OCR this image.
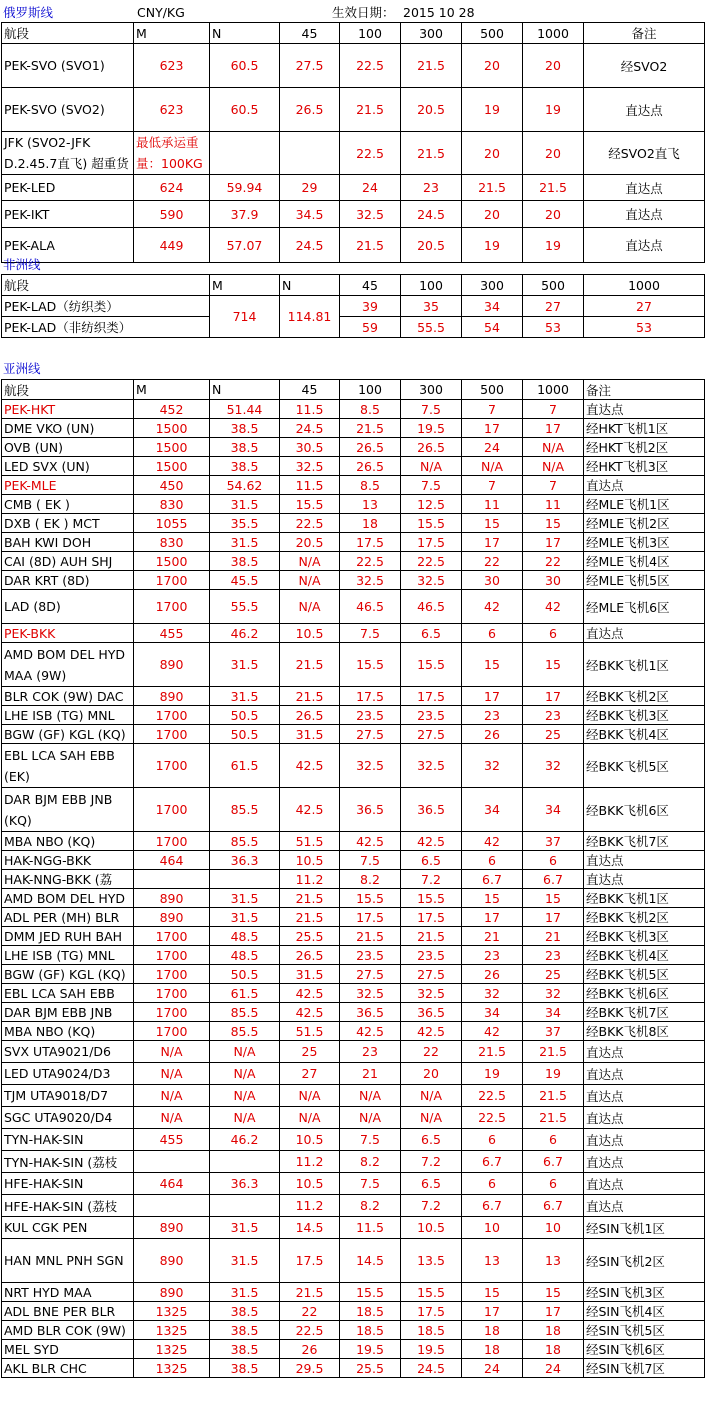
俄罗斯线	CNY/KG	生效日期： 2015 10 28
航段	M	N	45	100	300	500	1000	备注
PEK-SVO (SVO1)	623	60.5	27.5	22.5	21.5	20	20	经SVO2
PEK-SVO (SVO2)	623	60.5	26.5	21.5	20.5	19	19	直达点
JFK (SVO2-JFK D.2.45.7直飞) 超重货	最低承运重量：100KG			22.5	21.5	20	20	经SVO2直飞
PEK-LED	624	59.94	29	24	23	21.5	21.5	直达点
PEK-IKT	590	37.9	34.5	32.5	24.5	20	20	直达点
PEK-ALA	449	57.07	24.5	21.5	20.5	19	19	直达点
非洲线
航段	M	N	45	100	300	500	1000
PEK-LAD（纺织类）	714	114.81	39	35	34	27	27
PEK-LAD（非纺织类）			59	55.5	54	53	53
亚洲线
航段	M	N	45	100	300	500	1000	备注
PEK-HKT	452	51.44	11.5	8.5	7.5	7	7	直达点
DME VKO (UN)	1500	38.5	24.5	21.5	19.5	17	17	经HKT飞机1区
OVB (UN)	1500	38.5	30.5	26.5	26.5	24	N/A	经HKT飞机2区
LED SVX (UN)	1500	38.5	32.5	26.5	N/A	N/A	N/A	经HKT飞机3区
PEK-MLE	450	54.62	11.5	8.5	7.5	7	7	直达点
CMB ( EK )	830	31.5	15.5	13	12.5	11	11	经MLE飞机1区
DXB ( EK ) MCT	1055	35.5	22.5	18	15.5	15	15	经MLE飞机2区
BAH KWI DOH	830	31.5	20.5	17.5	17.5	17	17	经MLE飞机3区
CAI (8D) AUH SHJ	1500	38.5	N/A	22.5	22.5	22	22	经MLE飞机4区
DAR KRT (8D)	1700	45.5	N/A	32.5	32.5	30	30	经MLE飞机5区
LAD (8D)	1700	55.5	N/A	46.5	46.5	42	42	经MLE飞机6区
PEK-BKK	455	46.2	10.5	7.5	6.5	6	6	直达点
AMD BOM DEL HYD MAA (9W)	890	31.5	21.5	15.5	15.5	15	15	经BKK飞机1区
BLR COK (9W) DAC	890	31.5	21.5	17.5	17.5	17	17	经BKK飞机2区
LHE ISB (TG) MNL	1700	50.5	26.5	23.5	23.5	23	23	经BKK飞机3区
BGW (GF) KGL (KQ)	1700	50.5	31.5	27.5	27.5	26	25	经BKK飞机4区
EBL LCA SAH EBB (EK)	1700	61.5	42.5	32.5	32.5	32	32	经BKK飞机5区
DAR BJM EBB JNB (KQ)	1700	85.5	42.5	36.5	36.5	34	34	经BKK飞机6区
MBA NBO (KQ)	1700	85.5	51.5	42.5	42.5	42	37	经BKK飞机7区
HAK-NGG-BKK	464	36.3	10.5	7.5	6.5	6	6	直达点
HAK-NNG-BKK (荔			11.2	8.2	7.2	6.7	6.7	直达点
AMD BOM DEL HYD	890	31.5	21.5	15.5	15.5	15	15	经BKK飞机1区
ADL PER (MH) BLR	890	31.5	21.5	17.5	17.5	17	17	经BKK飞机2区
DMM JED RUH BAH	1700	48.5	25.5	21.5	21.5	21	21	经BKK飞机3区
LHE ISB (TG) MNL	1700	48.5	26.5	23.5	23.5	23	23	经BKK飞机4区
BGW (GF) KGL (KQ)	1700	50.5	31.5	27.5	27.5	26	25	经BKK飞机5区
EBL LCA SAH EBB	1700	61.5	42.5	32.5	32.5	32	32	经BKK飞机6区
DAR BJM EBB JNB	1700	85.5	42.5	36.5	36.5	34	34	经BKK飞机7区
MBA NBO (KQ)	1700	85.5	51.5	42.5	42.5	42	37	经BKK飞机8区
SVX UTA9021/D6	N/A	N/A	25	23	22	21.5	21.5	直达点
LED UTA9024/D3	N/A	N/A	27	21	20	19	19	直达点
TJM UTA9018/D7	N/A	N/A	N/A	N/A	N/A	22.5	21.5	直达点
SGC UTA9020/D4	N/A	N/A	N/A	N/A	N/A	22.5	21.5	直达点
TYN-HAK-SIN	455	46.2	10.5	7.5	6.5	6	6	直达点
TYN-HAK-SIN (荔枝			11.2	8.2	7.2	6.7	6.7	直达点
HFE-HAK-SIN	464	36.3	10.5	7.5	6.5	6	6	直达点
HFE-HAK-SIN (荔枝			11.2	8.2	7.2	6.7	6.7	直达点
KUL CGK PEN	890	31.5	14.5	11.5	10.5	10	10	经SIN飞机1区
HAN MNL PNH SGN	890	31.5	17.5	14.5	13.5	13	13	经SIN飞机2区
NRT HYD MAA	890	31.5	21.5	15.5	15.5	15	15	经SIN飞机3区
ADL BNE PER BLR	1325	38.5	22	18.5	17.5	17	17	经SIN飞机4区
AMD BLR COK (9W)	1325	38.5	22.5	18.5	18.5	18	18	经SIN飞机5区
MEL SYD	1325	38.5	26	19.5	19.5	18	18	经SIN飞机6区
AKL BLR CHC	1325	38.5	29.5	25.5	24.5	24	24	经SIN飞机7区
